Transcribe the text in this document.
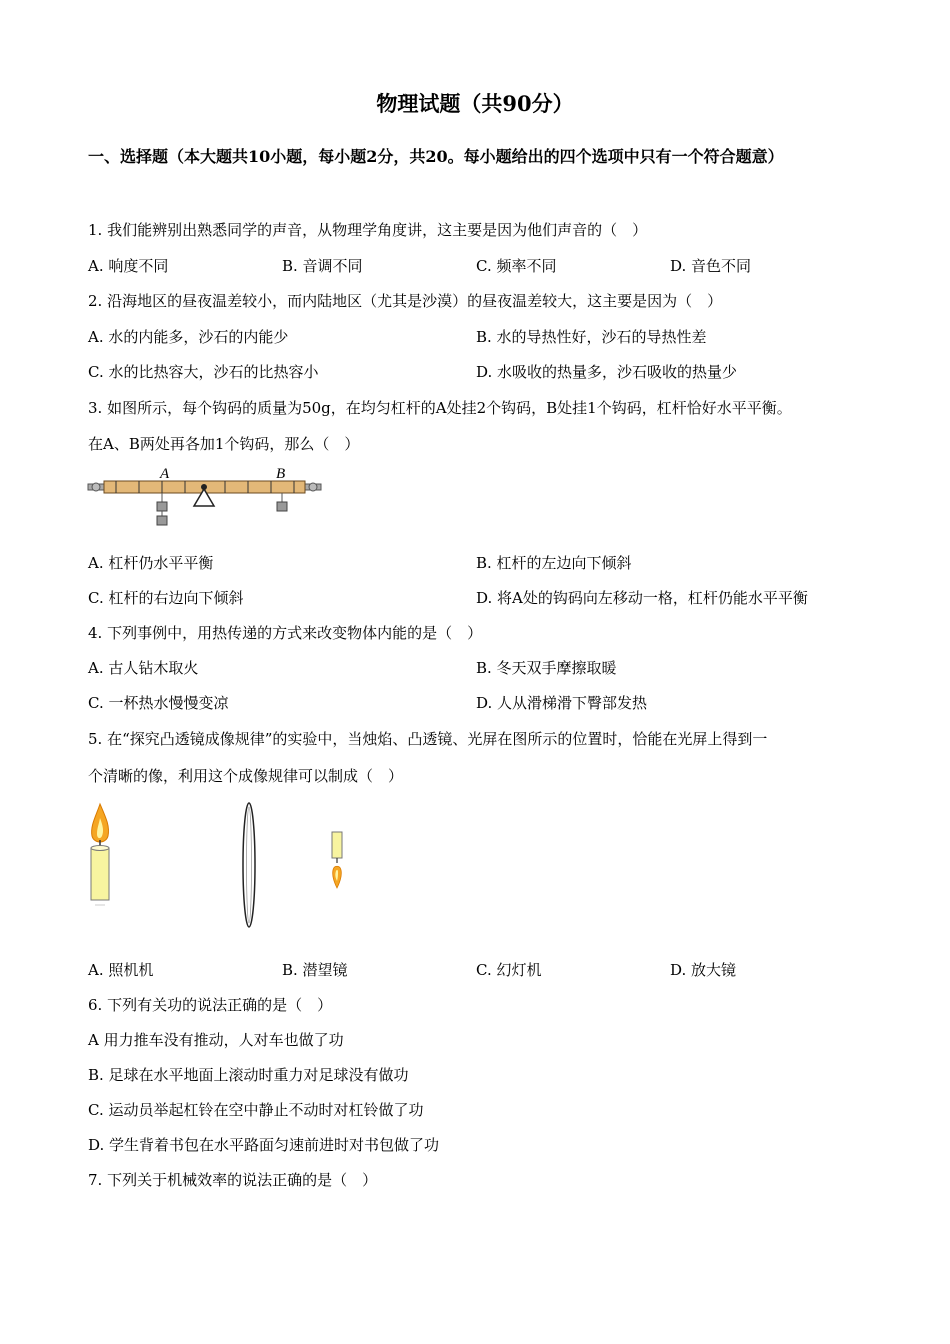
物理试题（共90分）
一、选择题（本大题共10小题，每小题2分，共20。每小题给出的四个选项中只有一个符合题意）
1. 我们能辨别出熟悉同学的声音，从物理学角度讲，这主要是因为他们声音的（　）
A. 响度不同	B. 音调不同	C. 频率不同	D. 音色不同
2. 沿海地区的昼夜温差较小，而内陆地区（尤其是沙漠）的昼夜温差较大，这主要是因为（　）
A. 水的内能多，沙石的内能少	B. 水的导热性好，沙石的导热性差
C. 水的比热容大，沙石的比热容小	D. 水吸收的热量多，沙石吸收的热量少
3. 如图所示，每个钩码的质量为50g，在均匀杠杆的A处挂2个钩码，B处挂1个钩码，杠杆恰好水平平衡。
在A、B两处再各加1个钩码，那么（　）
A	B
A. 杠杆仍水平平衡	B. 杠杆的左边向下倾斜
C. 杠杆的右边向下倾斜	D. 将A处的钩码向左移动一格，杠杆仍能水平平衡
4. 下列事例中，用热传递的方式来改变物体内能的是（　）
A. 古人钻木取火	B. 冬天双手摩擦取暖
C. 一杯热水慢慢变凉	D. 人从滑梯滑下臀部发热
5. 在“探究凸透镜成像规律”的实验中，当烛焰、凸透镜、光屏在图所示的位置时，恰能在光屏上得到一
个清晰的像，利用这个成像规律可以制成（　）
A. 照机机	B. 潜望镜	C. 幻灯机	D. 放大镜
6. 下列有关功的说法正确的是（　）
A 用力推车没有推动，人对车也做了功
B. 足球在水平地面上滚动时重力对足球没有做功
C. 运动员举起杠铃在空中静止不动时对杠铃做了功
D. 学生背着书包在水平路面匀速前进时对书包做了功
7. 下列关于机械效率的说法正确的是（　）
